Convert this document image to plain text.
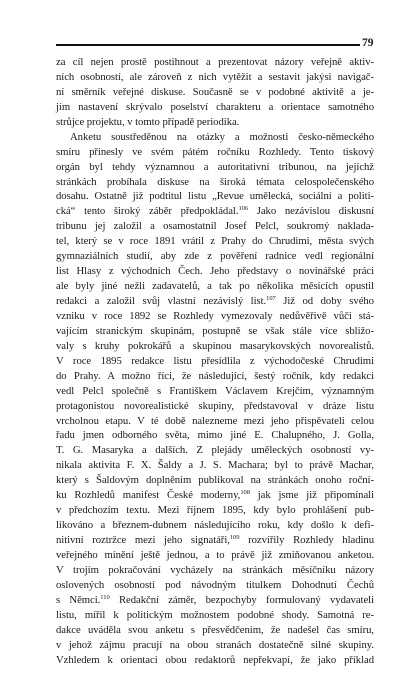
79
za cíl nejen prostě postihnout a prezentovat názory veřejně aktiv-
ních osobností, ale zároveň z nich vytěžit a sestavit jakýsi navigač-
ní směrník veřejné diskuse. Současně se v podobné aktivitě a je-
jím nastavení skrývalo poselství charakteru a orientace samotného
strůjce projektu, v tomto případě periodika.
Anketu soustředěnou na otázky a možnosti česko-německého
smíru přinesly ve svém pátém ročníku Rozhledy. Tento tiskový
orgán byl tehdy významnou a autoritativní tribunou, na jejíchž
stránkách probíhala diskuse na široká témata celospolečenského
dosahu. Ostatně již podtitul listu „Revue umělecká, sociální a politi-
cká“ tento široký záběr předpokládal.$^{106}$ Jako nezávislou diskusní
tribunu jej založil a osamostatnil Josef Pelcl, soukromý naklada-
tel, který se v roce 1891 vrátil z Prahy do Chrudimi, města svých
gymnaziálních studií, aby zde z pověření radnice vedl regionální
list Hlasy z východních Čech. Jeho představy o novinářské práci
ale byly jiné nežli zadavatelů, a tak po několika měsících opustil
redakci a založil svůj vlastní nezávislý list.$^{107}$ Již od doby svého
vzniku v roce 1892 se Rozhledy vymezovaly nedůvěřivě vůči stá-
vajícím stranickým skupinám, postupně se však stále více sbližo-
valy s kruhy pokrokářů a skupinou masarykovských novorealistů.
V roce 1895 redakce listu přesídlila z východočeské Chrudimi
do Prahy. A možno říci, že následující, šestý ročník, kdy redakci
vedl Pelcl společně s Františkem Václavem Krejčím, významným
protagonistou novorealistické skupiny, představoval v dráze listu
vrcholnou etapu. V té době nalezneme mezi jeho přispěvateli celou
řadu jmen odborného světa, mimo jiné E. Chalupného, J. Golla,
T. G. Masaryka a dalších. Z plejády uměleckých osobností vy-
nikala aktivita F. X. Šaldy a J. S. Machara; byl to právě Machar,
který s Šaldovým doplněním publikoval na stránkách onoho roční-
ku Rozhledů manifest České moderny,$^{108}$ jak jsme již připomínali
v předchozím textu. Mezi říjnem 1895, kdy bylo prohlášení pub-
likováno a březnem-dubnem následujícího roku, kdy došlo k defi-
nitivní roztržce mezi jeho signatáři,$^{109}$ rozvířily Rozhledy hladinu
veřejného mínění ještě jednou, a to právě již zmiňovanou anketou.
V trojím pokračování vycházely na stránkách měsíčníku názory
oslovených osobností pod návodným titulkem Dohodnutí Čechů
s Němci.$^{110}$ Redakční záměr, bezpochyby formulovaný vydavateli
listu, mířil k politickým možnostem podobné shody. Samotná re-
dakce uváděla svou anketu s přesvědčením, že nadešel čas smíru,
v jehož zájmu pracují na obou stranách dostatečně silné skupiny.
Vzhledem k orientaci obou redaktorů nepřekvapí, že jako příklad
